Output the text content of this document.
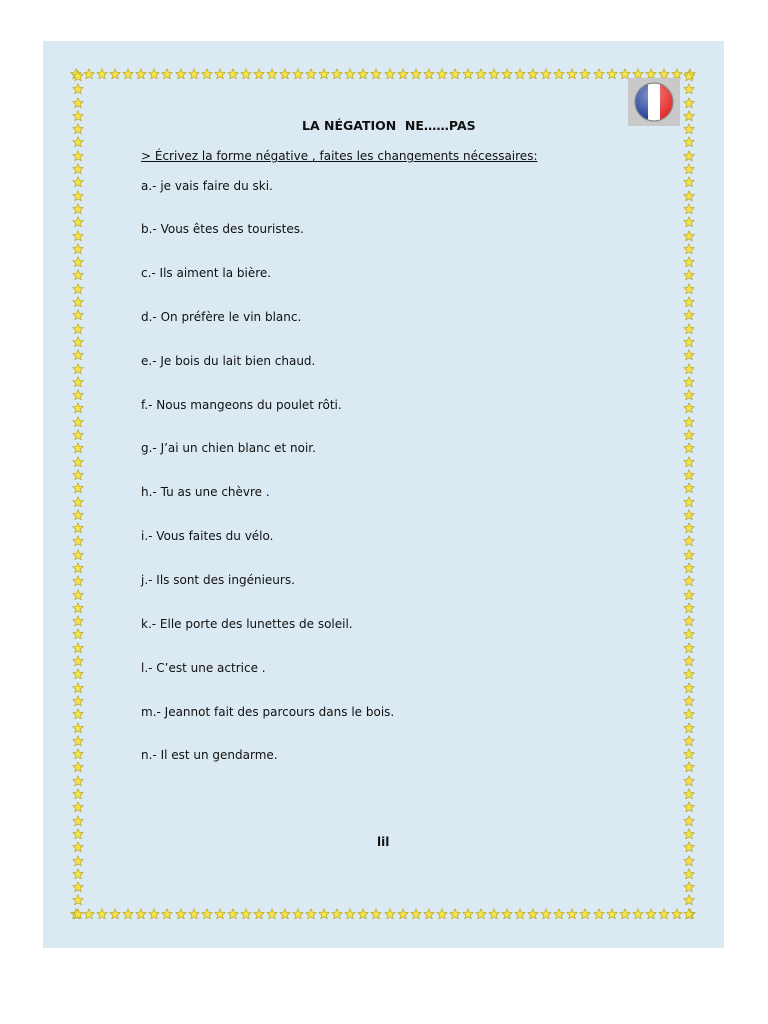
LA NÉGATION  NE……PAS
> Écrivez la forme négative , faites les changements nécessaires:
a.- je vais faire du ski.
b.- Vous êtes des touristes.
c.- Ils aiment la bière.
d.- On préfère le vin blanc.
e.- Je bois du lait bien chaud.
f.- Nous mangeons du poulet rôti.
g.- J’ai un chien blanc et noir.
h.- Tu as une chèvre .
i.- Vous faites du vélo.
j.- Ils sont des ingénieurs.
k.- Elle porte des lunettes de soleil.
l.- C’est une actrice .
m.- Jeannot fait des parcours dans le bois.
n.- Il est un gendarme.
lil
